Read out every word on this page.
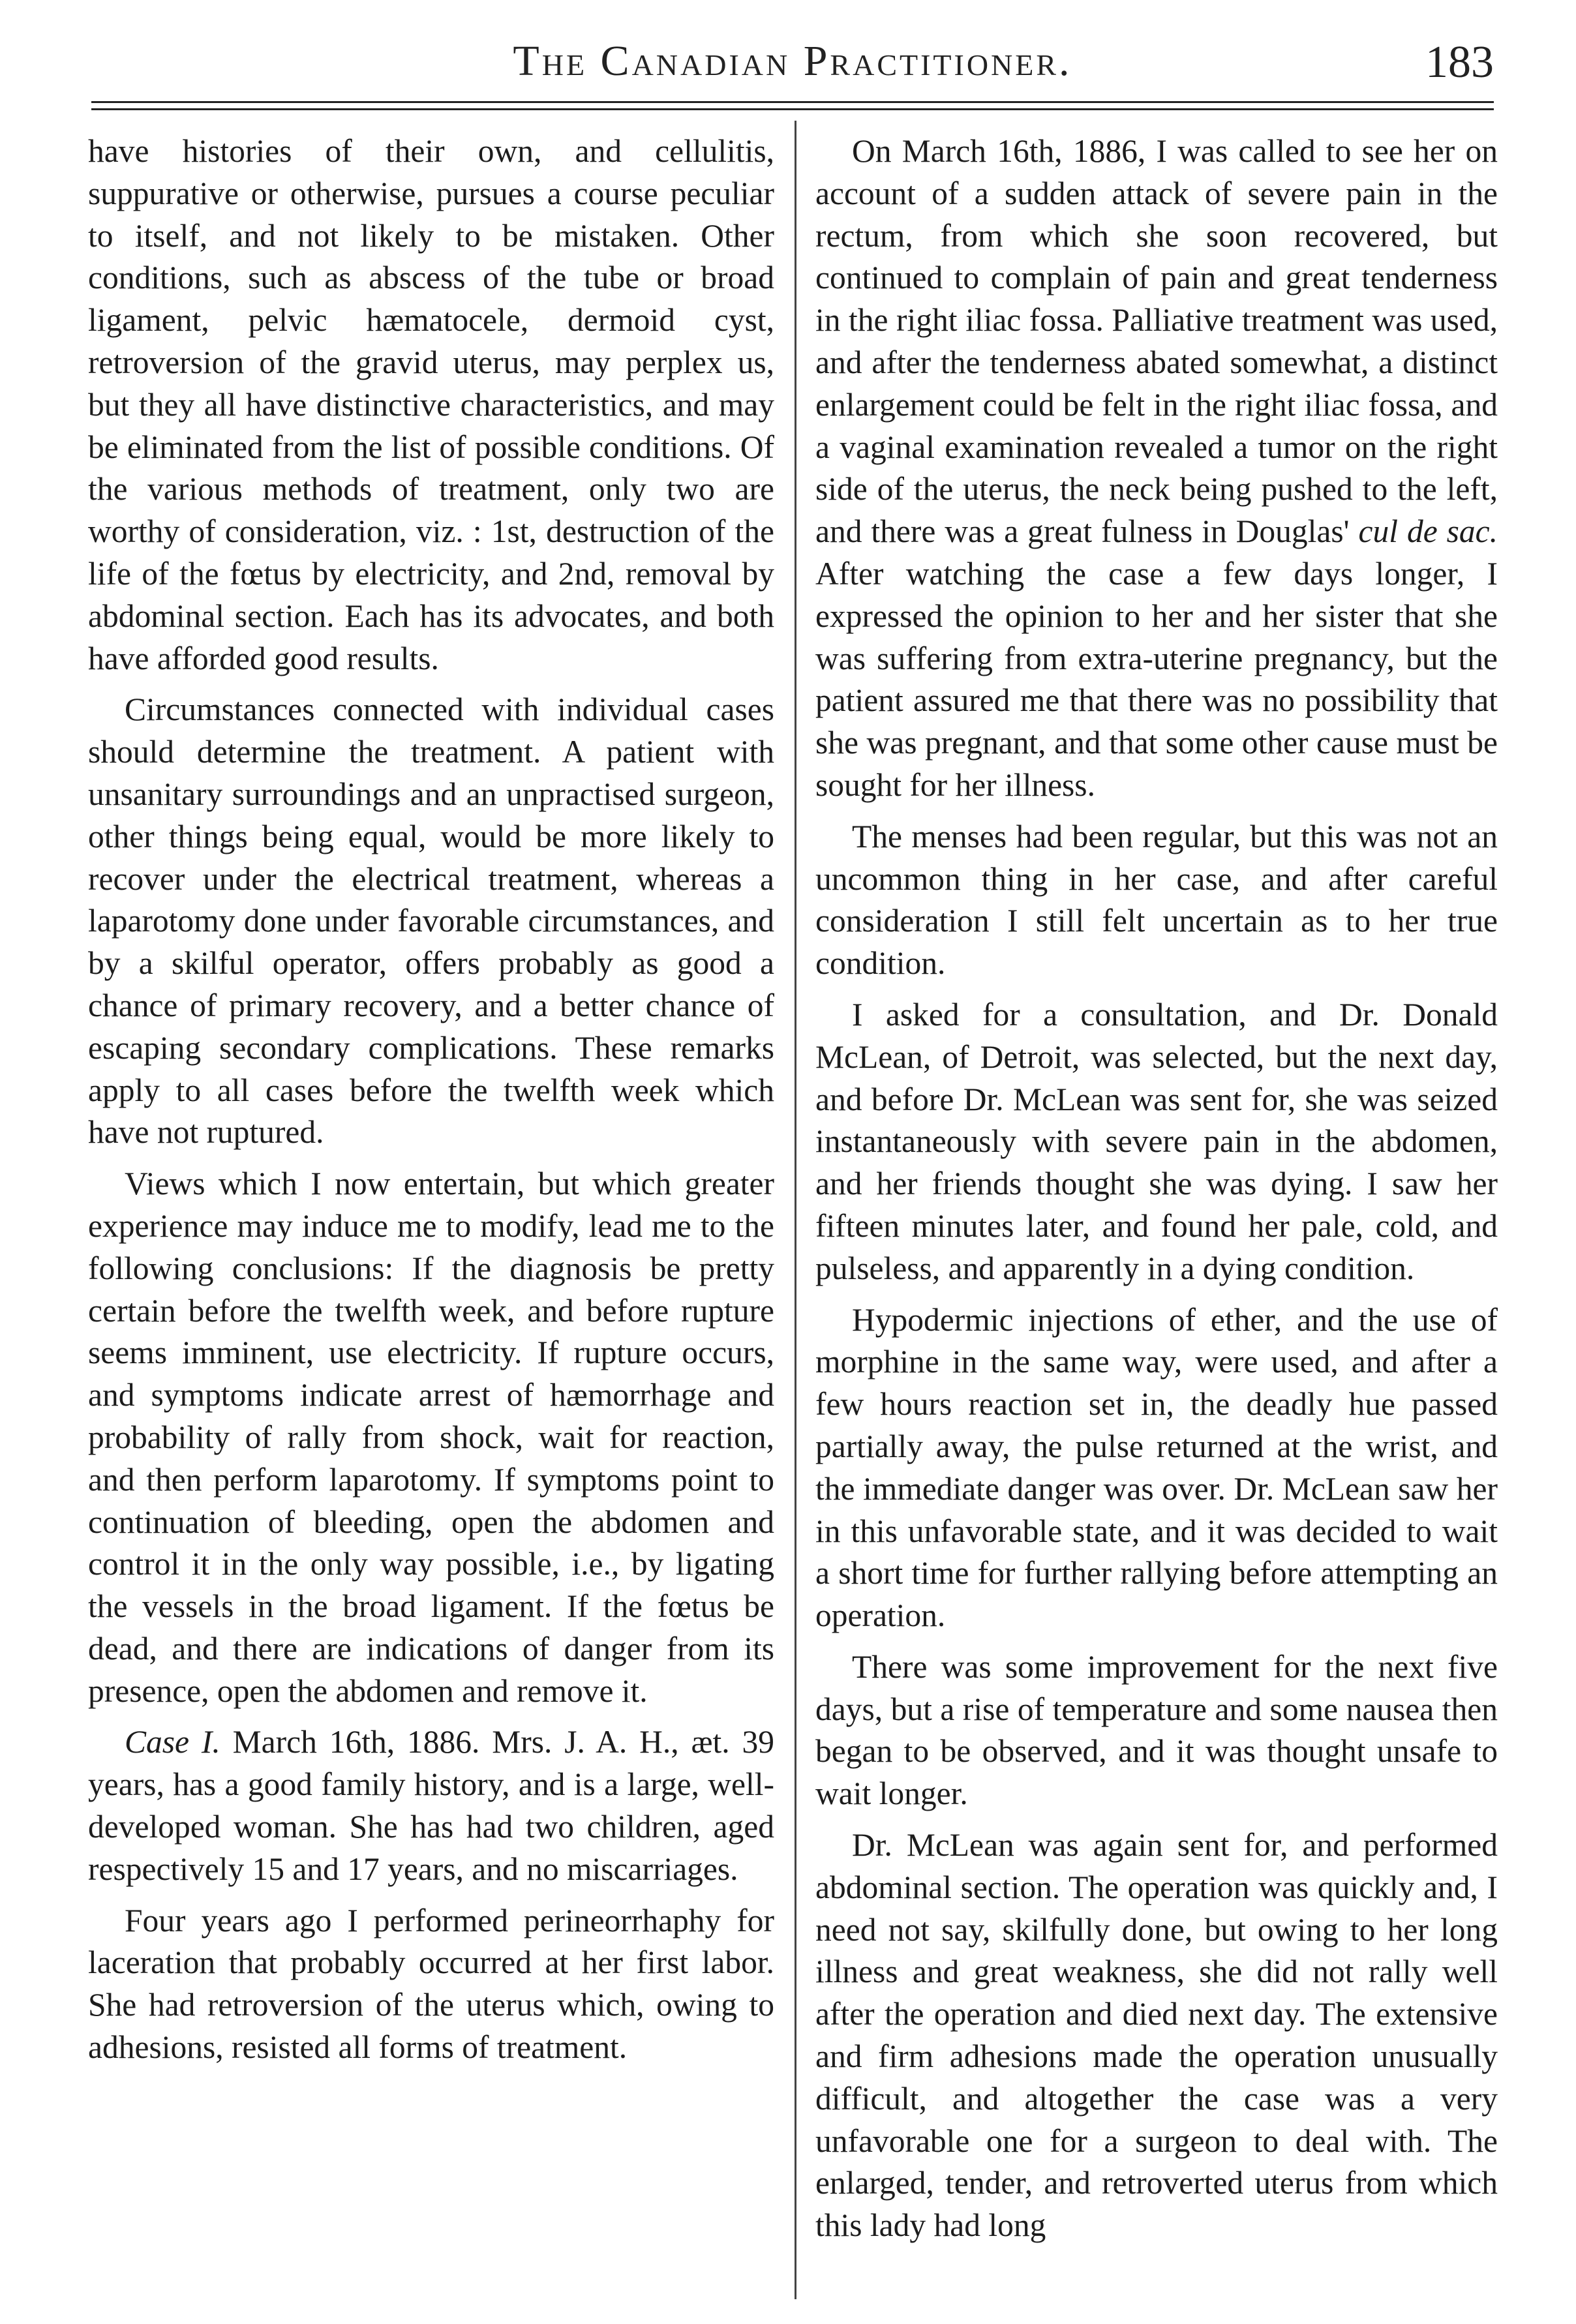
The Canadian Practitioner.	183

have histories of their own, and cellulitis, suppurative or otherwise, pursues a course peculiar to itself, and not likely to be mistaken. Other conditions, such as abscess of the tube or broad ligament, pelvic hæmatocele, dermoid cyst, retroversion of the gravid uterus, may perplex us, but they all have distinctive characteristics, and may be eliminated from the list of possible conditions. Of the various methods of treatment, only two are worthy of consideration, viz. : 1st, destruction of the life of the fœtus by electricity, and 2nd, removal by abdominal section. Each has its advocates, and both have afforded good results.

Circumstances connected with individual cases should determine the treatment. A patient with unsanitary surroundings and an unpractised surgeon, other things being equal, would be more likely to recover under the electrical treatment, whereas a laparotomy done under favorable circumstances, and by a skilful operator, offers probably as good a chance of primary recovery, and a better chance of escaping secondary complications. These remarks apply to all cases before the twelfth week which have not ruptured.

Views which I now entertain, but which greater experience may induce me to modify, lead me to the following conclusions: If the diagnosis be pretty certain before the twelfth week, and before rupture seems imminent, use electricity. If rupture occurs, and symptoms indicate arrest of hæmorrhage and probability of rally from shock, wait for reaction, and then perform laparotomy. If symptoms point to continuation of bleeding, open the abdomen and control it in the only way possible, i.e., by ligating the vessels in the broad ligament. If the fœtus be dead, and there are indications of danger from its presence, open the abdomen and remove it.

Case I. March 16th, 1886. Mrs. J. A. H., æt. 39 years, has a good family history, and is a large, well-developed woman. She has had two children, aged respectively 15 and 17 years, and no miscarriages.

Four years ago I performed perineorrhaphy for laceration that probably occurred at her first labor. She had retroversion of the uterus which, owing to adhesions, resisted all forms of treatment.

On March 16th, 1886, I was called to see her on account of a sudden attack of severe pain in the rectum, from which she soon recovered, but continued to complain of pain and great tenderness in the right iliac fossa. Palliative treatment was used, and after the tenderness abated somewhat, a distinct enlargement could be felt in the right iliac fossa, and a vaginal examination revealed a tumor on the right side of the uterus, the neck being pushed to the left, and there was a great fulness in Douglas' cul de sac. After watching the case a few days longer, I expressed the opinion to her and her sister that she was suffering from extra-uterine pregnancy, but the patient assured me that there was no possibility that she was pregnant, and that some other cause must be sought for her illness.

The menses had been regular, but this was not an uncommon thing in her case, and after careful consideration I still felt uncertain as to her true condition.

I asked for a consultation, and Dr. Donald McLean, of Detroit, was selected, but the next day, and before Dr. McLean was sent for, she was seized instantaneously with severe pain in the abdomen, and her friends thought she was dying. I saw her fifteen minutes later, and found her pale, cold, and pulseless, and apparently in a dying condition.

Hypodermic injections of ether, and the use of morphine in the same way, were used, and after a few hours reaction set in, the deadly hue passed partially away, the pulse returned at the wrist, and the immediate danger was over. Dr. McLean saw her in this unfavorable state, and it was decided to wait a short time for further rallying before attempting an operation.

There was some improvement for the next five days, but a rise of temperature and some nausea then began to be observed, and it was thought unsafe to wait longer.

Dr. McLean was again sent for, and performed abdominal section. The operation was quickly and, I need not say, skilfully done, but owing to her long illness and great weakness, she did not rally well after the operation and died next day. The extensive and firm adhesions made the operation unusually difficult, and altogether the case was a very unfavorable one for a surgeon to deal with. The enlarged, tender, and retroverted uterus from which this lady had long
